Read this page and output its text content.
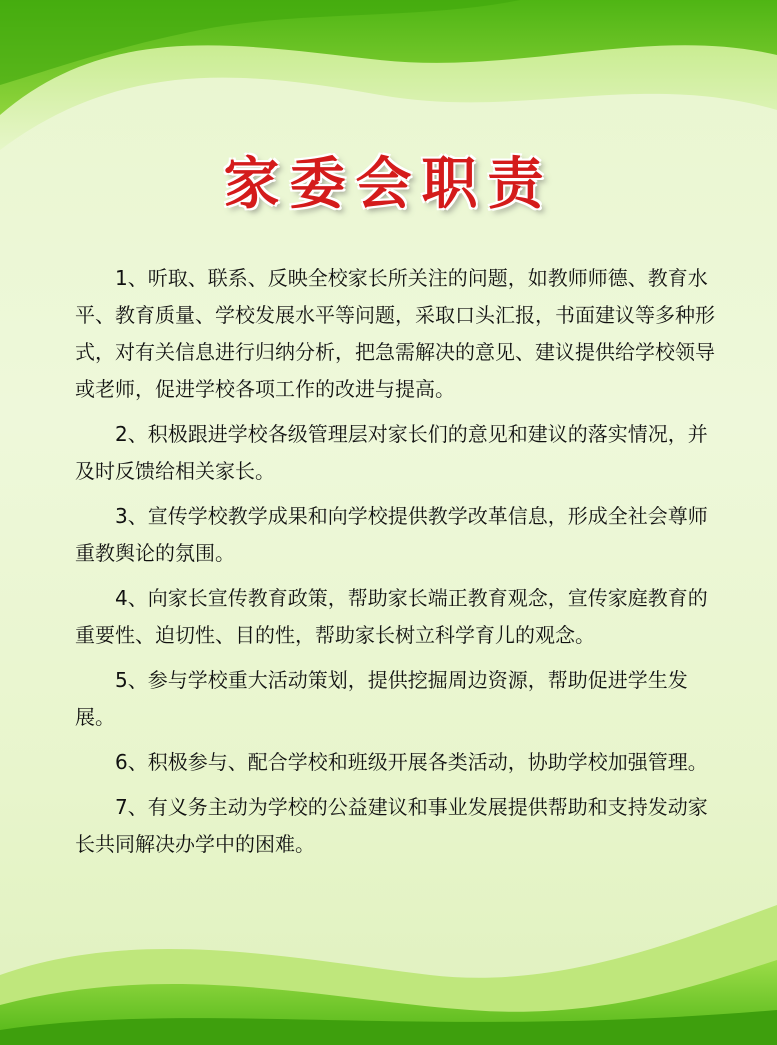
家委会职责

1、听取、联系、反映全校家长所关注的问题，如教师师德、教育水平、教育质量、学校发展水平等问题，采取口头汇报，书面建议等多种形式，对有关信息进行归纳分析，把急需解决的意见、建议提供给学校领导或老师，促进学校各项工作的改进与提高。

2、积极跟进学校各级管理层对家长们的意见和建议的落实情况，并及时反馈给相关家长。

3、宣传学校教学成果和向学校提供教学改革信息，形成全社会尊师重教舆论的氛围。

4、向家长宣传教育政策，帮助家长端正教育观念，宣传家庭教育的重要性、迫切性、目的性，帮助家长树立科学育儿的观念。

5、参与学校重大活动策划，提供挖掘周边资源，帮助促进学生发展。

6、积极参与、配合学校和班级开展各类活动，协助学校加强管理。

7、有义务主动为学校的公益建议和事业发展提供帮助和支持发动家长共同解决办学中的困难。
